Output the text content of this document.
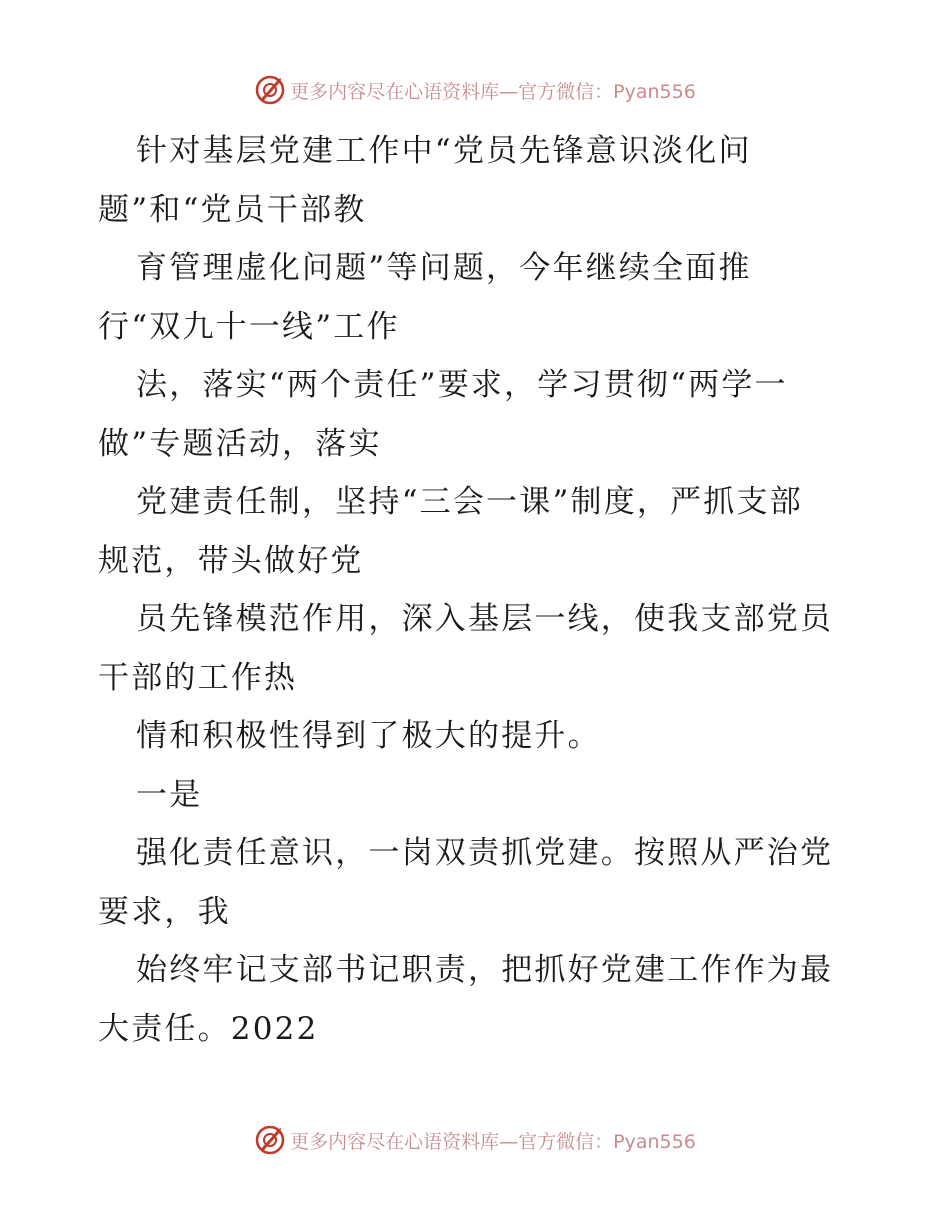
更多内容尽在心语资料库—官方微信：Pyan556
针对基层党建工作中“党员先锋意识淡化问
题”和“党员干部教
育管理虚化问题”等问题，今年继续全面推
行“双九十一线”工作
法，落实“两个责任”要求，学习贯彻“两学一
做”专题活动，落实
党建责任制，坚持“三会一课”制度，严抓支部
规范，带头做好党
员先锋模范作用，深入基层一线，使我支部党员
干部的工作热
情和积极性得到了极大的提升。
一是
强化责任意识，一岗双责抓党建。按照从严治党
要求，我
始终牢记支部书记职责，把抓好党建工作作为最
大责任。2022
更多内容尽在心语资料库—官方微信：Pyan556
